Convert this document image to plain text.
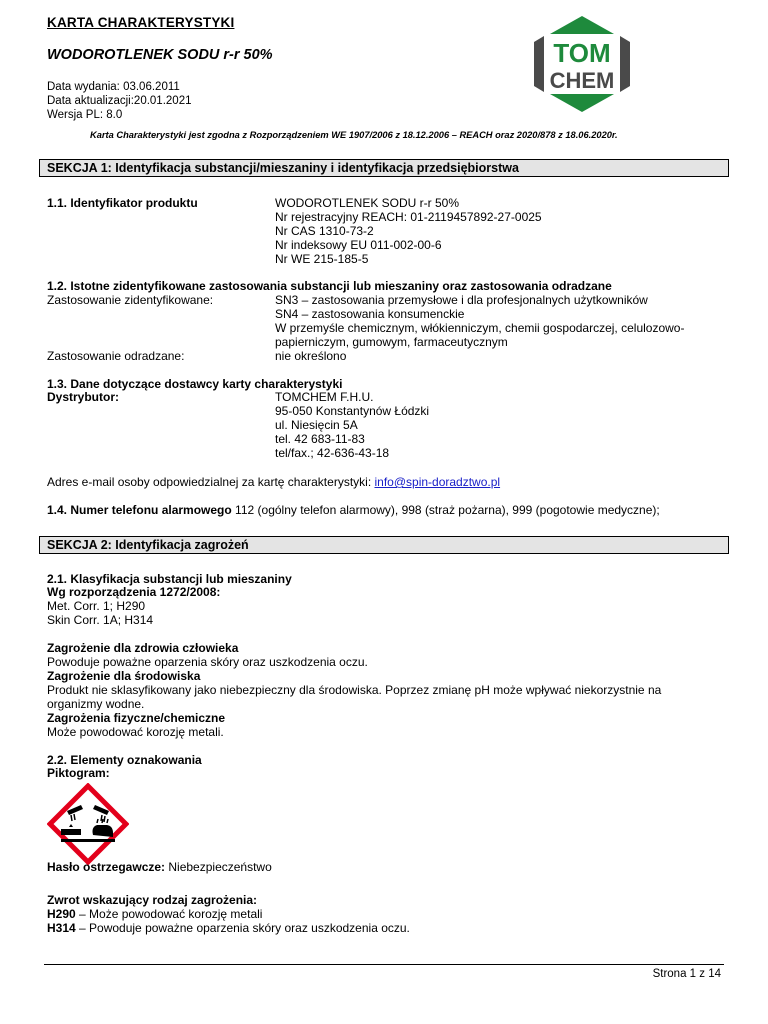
KARTA CHARAKTERYSTYKI
WODOROTLENEK SODU r-r 50%
Data wydania: 03.06.2011
Data aktualizacji:20.01.2021
Wersja PL: 8.0
Karta Charakterystyki jest zgodna z Rozporządzeniem WE 1907/2006 z 18.12.2006 – REACH oraz 2020/878 z 18.06.2020r.
TOM
CHEM
SEKCJA 1: Identyfikacja substancji/mieszaniny i identyfikacja przedsiębiorstwa
1.1. Identyfikator produktu	WODOROTLENEK SODU r-r 50%
Nr rejestracyjny REACH: 01-2119457892-27-0025
Nr CAS 1310-73-2
Nr indeksowy EU 011-002-00-6
Nr WE 215-185-5
1.2. Istotne zidentyfikowane zastosowania substancji lub mieszaniny oraz zastosowania odradzane
Zastosowanie zidentyfikowane:	SN3 – zastosowania przemysłowe i dla profesjonalnych użytkowników
SN4 – zastosowania konsumenckie
W przemyśle chemicznym, włókienniczym, chemii gospodarczej, celulozowo-
papierniczym, gumowym, farmaceutycznym
Zastosowanie odradzane:	nie określono
1.3. Dane dotyczące dostawcy karty charakterystyki
Dystrybutor:	TOMCHEM F.H.U.
95-050 Konstantynów Łódzki
ul. Niesięcin 5A
tel. 42 683-11-83
tel/fax.; 42-636-43-18
Adres e-mail osoby odpowiedzialnej za kartę charakterystyki: info@spin-doradztwo.pl
1.4. Numer telefonu alarmowego 112 (ogólny telefon alarmowy), 998 (straż pożarna), 999 (pogotowie medyczne);
SEKCJA 2: Identyfikacja zagrożeń
2.1. Klasyfikacja substancji lub mieszaniny
Wg rozporządzenia 1272/2008:
Met. Corr. 1; H290
Skin Corr. 1A; H314
Zagrożenie dla zdrowia człowieka
Powoduje poważne oparzenia skóry oraz uszkodzenia oczu.
Zagrożenie dla środowiska
Produkt nie sklasyfikowany jako niebezpieczny dla środowiska. Poprzez zmianę pH może wpływać niekorzystnie na
organizmy wodne.
Zagrożenia fizyczne/chemiczne
Może powodować korozję metali.
2.2. Elementy oznakowania
Piktogram:
Hasło ostrzegawcze: Niebezpieczeństwo
Zwrot wskazujący rodzaj zagrożenia:
H290 – Może powodować korozję metali
H314 – Powoduje poważne oparzenia skóry oraz uszkodzenia oczu.
Strona 1 z 14
